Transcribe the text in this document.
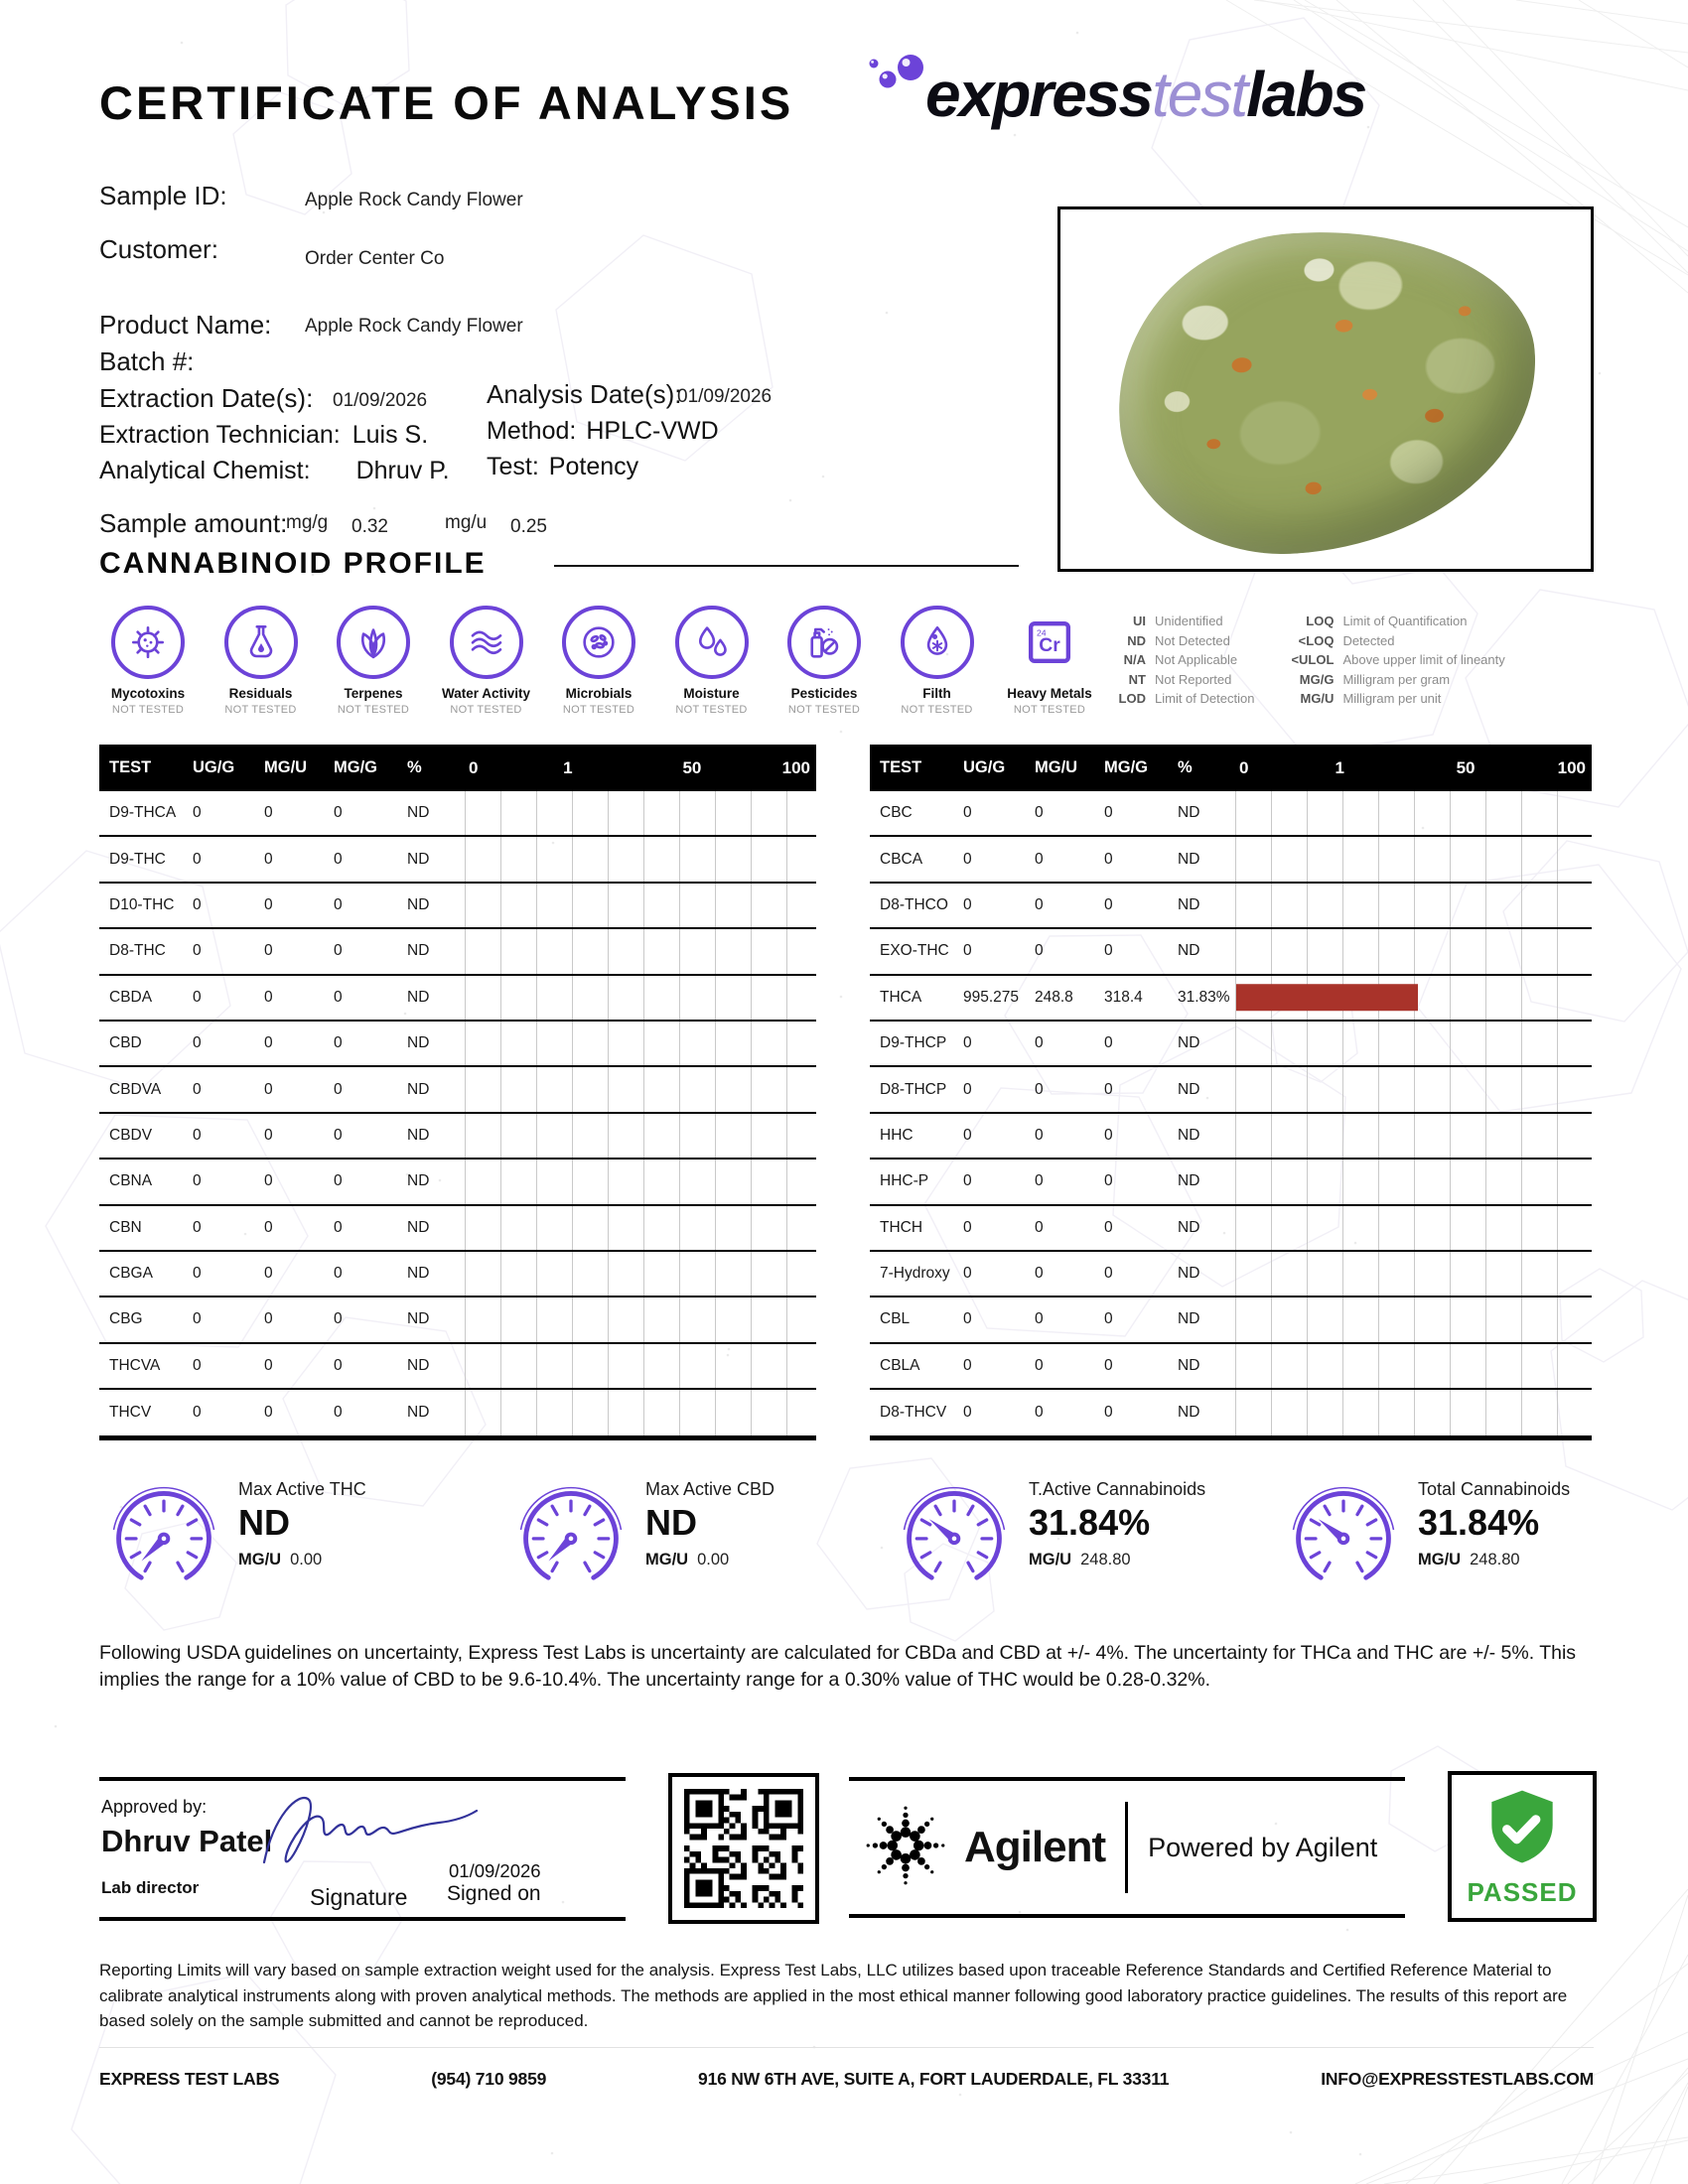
CERTIFICATE OF ANALYSIS expresstestlabs
Sample ID:	Apple Rock Candy Flower
Customer:	Order Center Co
Product Name: Apple Rock Candy Flower
Batch #:
Extraction Date(s): 01/09/2026 Analysis Date(s):
01/09/2026
Extraction Technician: Luis S. Method: HPLC-VWD
Analytical Chemist: Dhruv P. Test: Potency
Sample amount:
mg/g 0.32	mg/u 0.25
CANNABINOID PROFILE
Mycotoxins
NOT TESTED
Residuals
NOT TESTED
Terpenes
NOT TESTED
Water Activity
NOT TESTED
Microbials
NOT TESTED
Moisture
NOT TESTED
Pesticides
NOT TESTED
Filth
NOT TESTED
Cr
24
Heavy Metals
NOT TESTED
UI Unidentified
ND Not Detected
N/A Not Applicable
NT Not Reported
LOD Limit of Detection
LOQ Limit of Quantification
<LOQ Detected
<ULOL Above upper limit of lineanty
MG/G Milligram per gram
MG/U Milligram per unit
TEST	UG/G	MG/U	MG/G	%	0	1	50	100
D9-THCA	0	0	0	ND
D9-THC	0	0	0	ND
D10-THC	0	0	0	ND
D8-THC	0	0	0	ND
CBDA	0	0	0	ND
CBD	0	0	0	ND
CBDVA	0	0	0	ND
CBDV	0	0	0	ND
CBNA	0	0	0	ND
CBN	0	0	0	ND
CBGA	0	0	0	ND
CBG	0	0	0	ND
THCVA	0	0	0	ND
THCV	0	0	0	ND
TEST	UG/G	MG/U	MG/G	%	0	1	50	100
CBC	0	0	0	ND
CBCA	0	0	0	ND
D8-THCO 0	0	0	ND
EXO-THC 0	0	0	ND
THCA	995.275	248.8	318.4	31.83%
D9-THCP	0	0	0	ND
D8-THCP	0	0	0	ND
HHC	0	0	0	ND
HHC-P	0	0	0	ND
THCH	0	0	0	ND
7-Hydroxy 0	0	0	ND
CBL	0	0	0	ND
CBLA	0	0	0	ND
D8-THCV	0	0	0	ND
Max Active THC
ND
MG/U 0.00
Max Active CBD
ND
MG/U 0.00
T.Active Cannabinoids
31.84%
MG/U 248.80
Total Cannabinoids
31.84%
MG/U 248.80
Following USDA guidelines on uncertainty, Express Test Labs is uncertainty are calculated for CBDa and CBD at +/- 4%. The uncertainty for THCa and THC are +/- 5%. This implies the range for a 10% value of CBD to be 9.6-10.4%. The uncertainty range for a 0.30% value of THC would be 0.28-0.32%.
Approved by:
Dhruv Patel
Lab director	Signature
01/09/2026
Signed on
Agilent Powered by Agilent
PASSED
Reporting Limits will vary based on sample extraction weight used for the analysis. Express Test Labs, LLC utilizes based upon traceable Reference Standards and Certified Reference Material to calibrate analytical instruments along with proven analytical methods. The methods are applied in the most ethical manner following good laboratory practice guidelines. The results of this report are based solely on the sample submitted and cannot be reproduced.
EXPRESS TEST LABS	(954) 710 9859	916 NW 6TH AVE, SUITE A, FORT LAUDERDALE, FL 33311	INFO@EXPRESSTESTLABS.COM
